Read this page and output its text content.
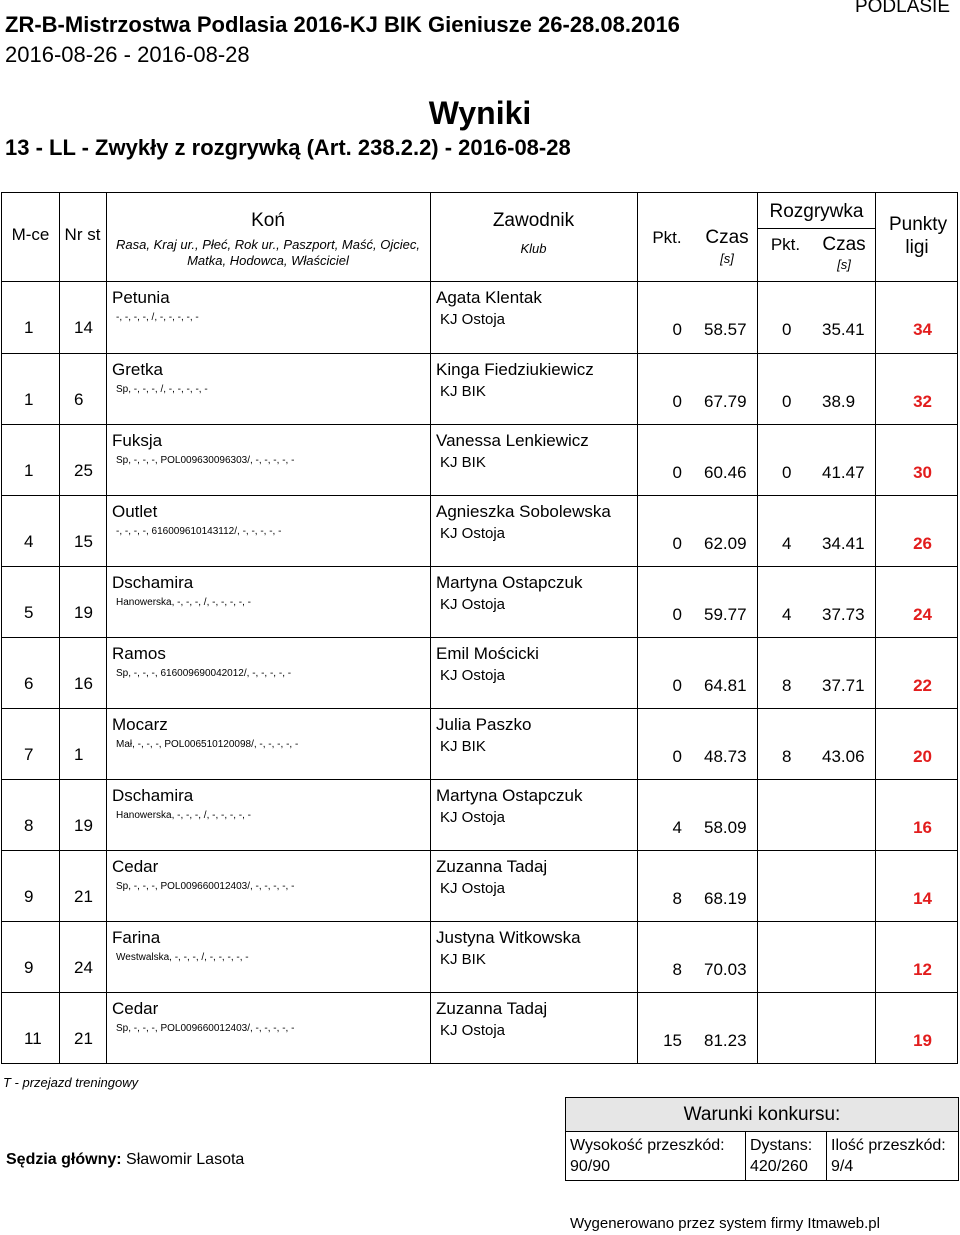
ZR-B-Mistrzostwa Podlasia 2016-KJ BIK Gieniusze 26-28.08.2016
PODLASIE
2016-08-26 - 2016-08-28
Wyniki
13 - LL - Zwykły z rozgrywką (Art. 238.2.2) - 2016-08-28
M-ce Nr st
Koń
Rasa, Kraj ur., Płeć, Rok ur., Paszport, Maść, Ojciec, Matka, Hodowca, Właściciel
Zawodnik
Klub
Pkt.	Czas
[s]
Rozgrywka
Pkt.	Czas
[s]
Punkty ligi
1 14
Petunia
-, -, -, -, /, -, -, -, -, -
Agata Klentak
KJ Ostoja
0 58.57 0 35.41	34
1 6
Gretka
Sp, -, -, -, /, -, -, -, -, -
Kinga Fiedziukiewicz
KJ BIK
0 67.79 0 38.9	32
1 25
Fuksja
Sp, -, -, -, POL009630096303/, -, -, -, -, -
Vanessa Lenkiewicz
KJ BIK
0 60.46 0 41.47	30
4 15
Outlet
-, -, -, -, 616009610143112/, -, -, -, -, -
Agnieszka Sobolewska
KJ Ostoja
0 62.09 4 34.41	26
5 19
Dschamira
Hanowerska, -, -, -, /, -, -, -, -, -
Martyna Ostapczuk
KJ Ostoja
0 59.77 4 37.73	24
6 16
Ramos
Sp, -, -, -, 616009690042012/, -, -, -, -, -
Emil Mościcki
KJ Ostoja
0 64.81 8 37.71	22
7 1
Mocarz
Mał, -, -, -, POL006510120098/, -, -, -, -, -
Julia Paszko
KJ BIK
0 48.73 8 43.06	20
8 19
Dschamira
Hanowerska, -, -, -, /, -, -, -, -, -
Martyna Ostapczuk
KJ Ostoja
4 58.09	16
9 21
Cedar
Sp, -, -, -, POL009660012403/, -, -, -, -, -
Zuzanna Tadaj
KJ Ostoja
8 68.19	14
9 24
Farina
Westwalska, -, -, -, /, -, -, -, -, -
Justyna Witkowska
KJ BIK
8 70.03	12
11 21
Cedar
Sp, -, -, -, POL009660012403/, -, -, -, -, -
Zuzanna Tadaj
KJ Ostoja
15 81.23	19
T - przejazd treningowy
Sędzia główny: Sławomir Lasota
Warunki konkursu:
Wysokość przeszkód:
90/90
Dystans:
420/260
Ilość przeszkód:
9/4
Wygenerowano przez system firmy Itmaweb.pl
